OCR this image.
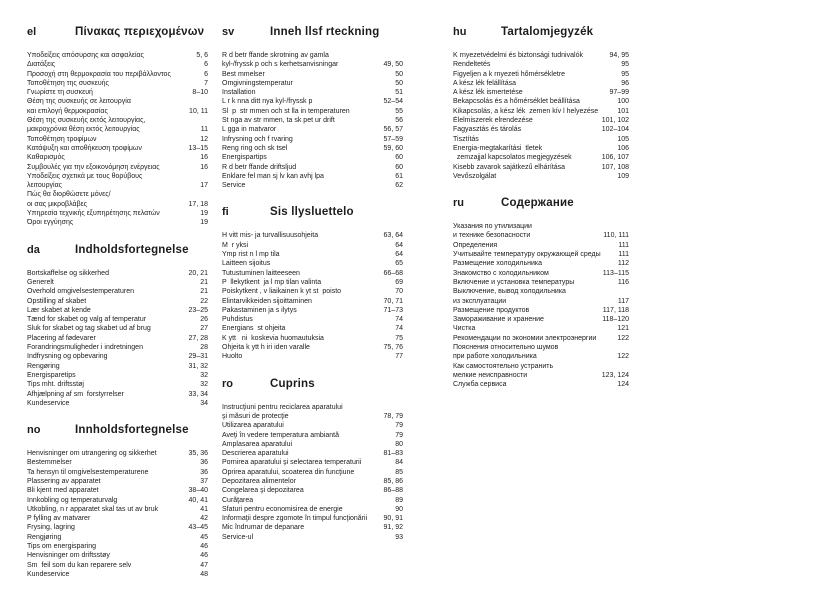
el	Πίνακας περιεχομένων
Υποδείξεις απόσυρσης και ασφαλείας	5, 6
Διατάξεις	6
Προσοχή στη θερμοκρασία του περιβάλλοντος	6
Τοποθέτηση της συσκευής	7
Γνωρίστε τη συσκευή	8–10
Θέση της συσκευής σε λειτουργία
και επιλογή θερμοκρασίας	10, 11
Θέση της συσκευής εκτός λειτουργίας,
μακροχρόνια θέση εκτός λειτουργίας	11
Τοποθέτηση τροφίμων	12
Κατάψυξη και αποθήκευση τροφίμων	13–15
Καθαρισμός	16
Συμβουλές για την εξοικονόμηση ενέργειας	16
Υποδείξεις σχετικά με τους θορύβους
λειτουργίας	17
Πώς θα διορθώσετε μόνες/
οι σας μικροβλάβες	17, 18
Υπηρεσία τεχνικής εξυπηρέτησης πελατών	19
Όροι εγγύησης	19
da	Indholdsfortegnelse
Bortskaffelse og sikkerhed	20, 21
Generelt	21
Overhold omgivelsestemperaturen	21
Opstilling af skabet	22
Lær skabet at kende	23–25
Tænd for skabet og valg af temperatur	26
Sluk for skabet og tag skabet ud af brug	27
Placering af fødevarer	27, 28
Forandringsmuligheder i indretningen	28
Indfrysning og opbevaring	29–31
Rengøring	31, 32
Energisparetips	32
Tips mht. driftsstøj	32
Afhjælpning af sm  forstyrrelser	33, 34
Kundeservice	34
no	Innholdsfortegnelse
Henvisninger om utrangering og sikkerhet	35, 36
Bestemmelser	36
Ta hensyn til omgivelsestemperaturene	36
Plassering av apparatet	37
Bli kjent med apparatet	38–40
Innkobling og temperaturvalg	40, 41
Utkobling, n r apparatet skal tas ut av bruk	41
P fylling av matvarer	42
Frysing, lagring	43–45
Rengjøring	45
Tips om energisparing	46
Henvisninger om driftsstøy	46
Sm  feil som du kan reparere selv	47
Kundeservice	48
sv	Inneh llsf rteckning
R d betr ffande skrotning av gamla
kyl-/fryssk p och s kerhetsanvisningar	49, 50
Best mmelser	50
Omgivningstemperatur	50
Installation	51
L r k nna ditt nya kyl-/fryssk p	52–54
Sl  p  str mmen och st lla in temperaturen	55
St nga av str mmen, ta sk pet ur drift	56
L gga in matvaror	56, 57
Infrysning och f rvaring	57–59
Reng ring och sk tsel	59, 60
Energispartips	60
R d betr ffande driftsljud	60
Enklare fel man sj lv kan avhj lpa	61
Service	62
fi	Sis llysluettelo
H vitt mis- ja turvallisuusohjeita	63, 64
M  r yksi	64
Ymp rist n l mp tila	64
Laitteen sijoitus	65
Tutustuminen laitteeseen	66–68
P  llekytkent  ja l mp tilan valinta	69
Poiskytkent , v liaikainen k yt st  poisto	70
Elintarvikkeiden sijoittaminen	70, 71
Pakastaminen ja s ilytys	71–73
Puhdistus	74
Energians  st ohjeita	74
K ytt   ni  koskevia huomautuksia	75
Ohjeita k ytt h iri iden varalle	75, 76
Huolto	77
ro	Cuprins
Instrucţiuni pentru reciclarea aparatului
şi măsuri de protecţie	78, 79
Utilizarea aparatului	79
Aveţi în vedere temperatura ambiantă	79
Amplasarea aparatului	80
Descrierea aparatului	81–83
Pornirea aparatului şi selectarea temperaturii	84
Oprirea aparatului, scoaterea din funcţiune	85
Depozitarea alimentelor	85, 86
Congelarea şi depozitarea	86–88
Curăţarea	89
Sfaturi pentru economisirea de energie	90
Informaţii despre zgomote în timpul funcţionării	90, 91
Mic îndrumar de depanare	91, 92
Service-ul	93
hu	Tartalomjegyzék
K rnyezetvédelmi és biztonsági tudnivalók	94, 95
Rendeltetés	95
Figyeljen a k rnyezeti hőmérsékletre	95
A kész lék felállítása	96
A kész lék ismertetése	97–99
Bekapcsolás és a hőmérséklet beállítása	100
Kikapcsolás, a kész lék  zemen kív l helyezése	101
Élelmiszerek elrendezése	101, 102
Fagyasztás és tárolás	102–104
Tisztítás	105
Energia-megtakarítási  tletek	106
zemzajjal kapcsolatos megjegyzések	106, 107
Kisebb zavarok sajátkezű elhárítása	107, 108
Vevőszolgálat	109
ru	Содержание
Указания по утилизации
и технике безопасности	110, 111
Определения	111
Учитывайте температуру окружающей среды	111
Размещение холодильника	112
Знакомство с холодильником	113–115
Включение и установка температуры	116
Выключение, вывод холодильника
из эксплуатации	117
Размещение продуктов	117, 118
Замораживание и хранение	118–120
Чистка	121
Рекомендации по экономии электроэнергии	122
Пояснения относительно шумов
при работе холодильника	122
Как самостоятельно устранить
мелкие неисправности	123, 124
Служба сервиса	124
